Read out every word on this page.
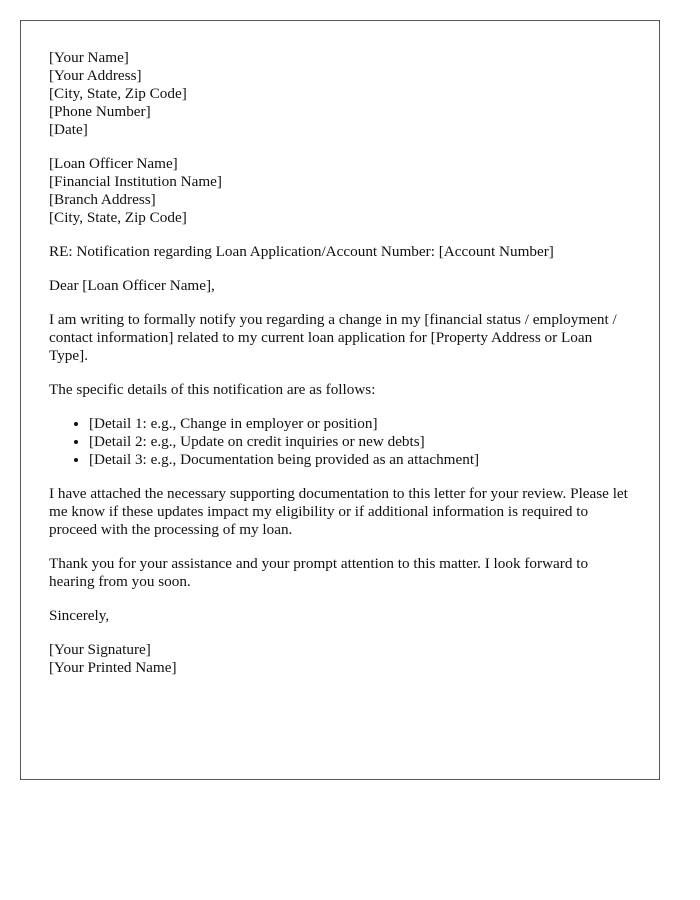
[Your Name]
[Your Address]
[City, State, Zip Code]
[Phone Number]
[Date]
[Loan Officer Name]
[Financial Institution Name]
[Branch Address]
[City, State, Zip Code]

RE: Notification regarding Loan Application/Account Number: [Account Number]

Dear [Loan Officer Name],

I am writing to formally notify you regarding a change in my [financial status / employment / contact information] related to my current loan application for [Property Address or Loan Type].

The specific details of this notification are as follows:

• [Detail 1: e.g., Change in employer or position]
• [Detail 2: e.g., Update on credit inquiries or new debts]
• [Detail 3: e.g., Documentation being provided as an attachment]

I have attached the necessary supporting documentation to this letter for your review. Please let me know if these updates impact my eligibility or if additional information is required to proceed with the processing of my loan.

Thank you for your assistance and your prompt attention to this matter. I look forward to hearing from you soon.

Sincerely,

[Your Signature]
[Your Printed Name]
